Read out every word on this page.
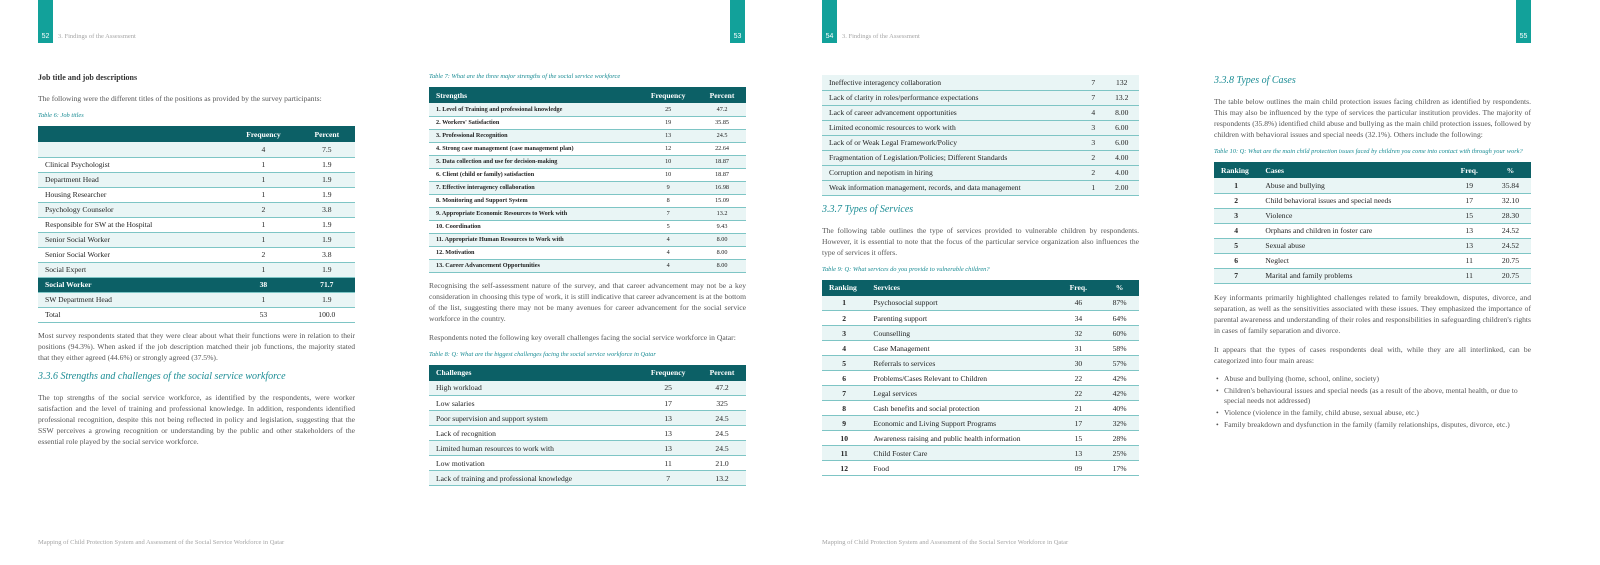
52	3. Findings of the Assessment
Job title and job descriptions
The following were the different titles of the positions as provided by the survey participants:
Table 6: Job titles
	Frequency	Percent
	4	7.5
Clinical Psychologist	1	1.9
Department Head	1	1.9
Housing Researcher	1	1.9
Psychology Counselor	2	3.8
Responsible for SW at the Hospital	1	1.9
Senior Social Worker	1	1.9
Senior Social Worker	2	3.8
Social Expert	1	1.9
Social Worker	38	71.7
SW Department Head	1	1.9
Total	53	100.0
Most survey respondents stated that they were clear about what their functions were in relation to their positions (94.3%). When asked if the job description matched their job functions, the majority stated that they either agreed (44.6%) or strongly agreed (37.5%).
3.3.6 Strengths and challenges of the social service workforce
The top strengths of the social service workforce, as identified by the respondents, were worker satisfaction and the level of training and professional knowledge. In addition, respondents identified professional recognition, despite this not being reflected in policy and legislation, suggesting that the SSW perceives a growing recognition or understanding by the public and other stakeholders of the essential role played by the social service workforce.
Mapping of Child Protection System and Assessment of the Social Service Workforce in Qatar
53
Table 7: What are the three major strengths of the social service workforce
Strengths	Frequency	Percent
1. Level of Training and professional knowledge	25	47.2
2. Workers' Satisfaction	19	35.85
3. Professional Recognition	13	24.5
4. Strong case management (case management plan)	12	22.64
5. Data collection and use for decision-making	10	18.87
6. Client (child or family) satisfaction	10	18.87
7. Effective interagency collaboration	9	16.98
8. Monitoring and Support System	8	15.09
9. Appropriate Economic Resources to Work with	7	13.2
10. Coordination	5	9.43
11. Appropriate Human Resources to Work with	4	8.00
12. Motivation	4	8.00
13. Career Advancement Opportunities	4	8.00
Recognising the self-assessment nature of the survey, and that career advancement may not be a key consideration in choosing this type of work, it is still indicative that career advancement is at the bottom of the list, suggesting there may not be many avenues for career advancement for the social service workforce in the country.
Respondents noted the following key overall challenges facing the social service workforce in Qatar:
Table 8: Q: What are the biggest challenges facing the social service workforce in Qatar
Challenges	Frequency	Percent
High workload	25	47.2
Low salaries	17	325
Poor supervision and support system	13	24.5
Lack of recognition	13	24.5
Limited human resources to work with	13	24.5
Low motivation	11	21.0
Lack of training and professional knowledge	7	13.2
54	3. Findings of the Assessment
Ineffective interagency collaboration	7	132
Lack of clarity in roles/performance expectations	7	13.2
Lack of career advancement opportunities	4	8.00
Limited economic resources to work with	3	6.00
Lack of or Weak Legal Framework/Policy	3	6.00
Fragmentation of Legislation/Policies; Different Standards	2	4.00
Corruption and nepotism in hiring	2	4.00
Weak information management, records, and data management	1	2.00
3.3.7 Types of Services
The following table outlines the type of services provided to vulnerable children by respondents. However, it is essential to note that the focus of the particular service organization also influences the type of services it offers.
Table 9: Q: What services do you provide to vulnerable children?
Ranking	Services	Freq.	%
1	Psychosocial support	46	87%
2	Parenting support	34	64%
3	Counselling	32	60%
4	Case Management	31	58%
5	Referrals to services	30	57%
6	Problems/Cases Relevant to Children	22	42%
7	Legal services	22	42%
8	Cash benefits and social protection	21	40%
9	Economic and Living Support Programs	17	32%
10	Awareness raising and public health information	15	28%
11	Child Foster Care	13	25%
12	Food	09	17%
Mapping of Child Protection System and Assessment of the Social Service Workforce in Qatar
55
3.3.8 Types of Cases
The table below outlines the main child protection issues facing children as identified by respondents. This may also be influenced by the type of services the particular institution provides. The majority of respondents (35.8%) identified child abuse and bullying as the main child protection issues, followed by children with behavioral issues and special needs (32.1%). Others include the following:
Table 10: Q: What are the main child protection issues faced by children you come into contact with through your work?
Ranking	Cases	Freq.	%
1	Abuse and bullying	19	35.84
2	Child behavioral issues and special needs	17	32.10
3	Violence	15	28.30
4	Orphans and children in foster care	13	24.52
5	Sexual abuse	13	24.52
6	Neglect	11	20.75
7	Marital and family problems	11	20.75
Key informants primarily highlighted challenges related to family breakdown, disputes, divorce, and separation, as well as the sensitivities associated with these issues. They emphasized the importance of parental awareness and understanding of their roles and responsibilities in safeguarding children's rights in cases of family separation and divorce.
It appears that the types of cases respondents deal with, while they are all interlinked, can be categorized into four main areas:
• Abuse and bullying (home, school, online, society)
• Children's behavioural issues and special needs (as a result of the above, mental health, or due to special needs not addressed)
• Violence (violence in the family, child abuse, sexual abuse, etc.)
• Family breakdown and dysfunction in the family (family relationships, disputes, divorce, etc.)
